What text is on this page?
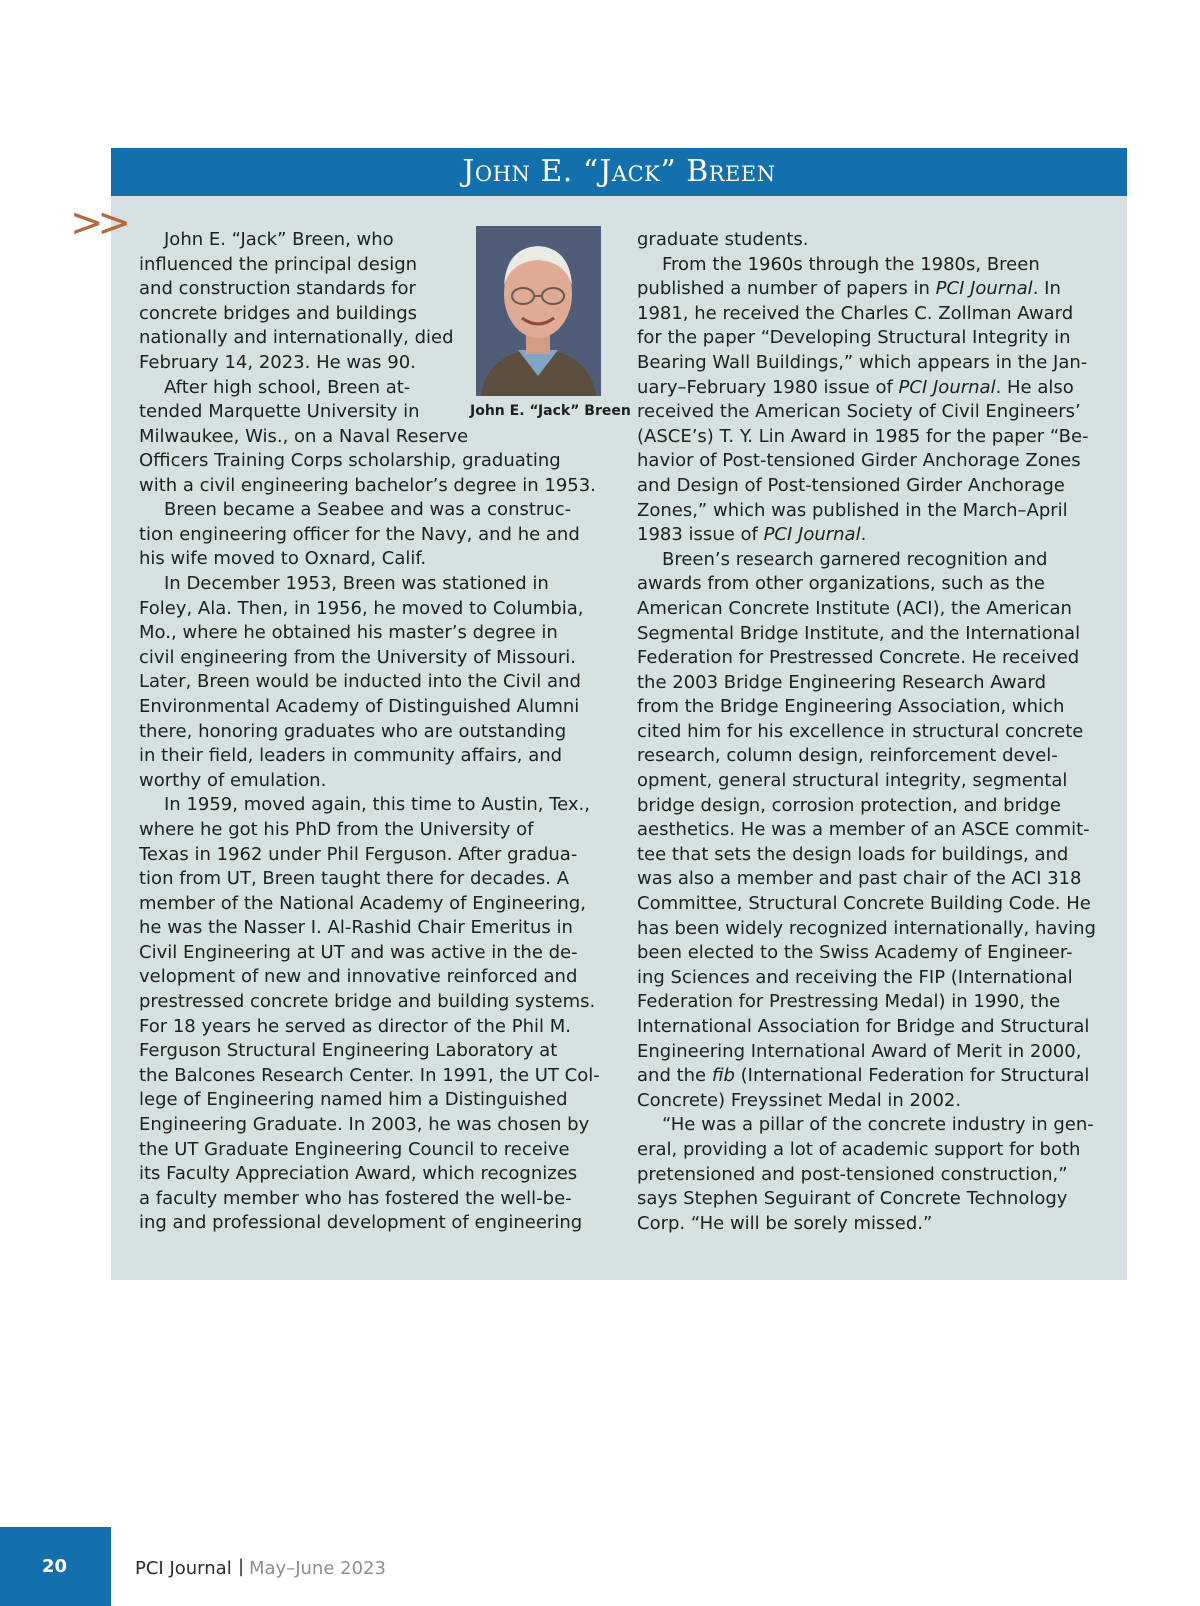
John E. “Jack” Breen
>>
John E. “Jack” Breen

John E. “Jack” Breen, who

influenced the principal design

and construction standards for

concrete bridges and buildings

nationally and internationally, died

February 14, 2023. He was 90.

After high school, Breen at-

tended Marquette University in

Milwaukee, Wis., on a Naval Reserve

Officers Training Corps scholarship, graduating

with a civil engineering bachelor’s degree in 1953.

Breen became a Seabee and was a construc-

tion engineering officer for the Navy, and he and

his wife moved to Oxnard, Calif.

In December 1953, Breen was stationed in

Foley, Ala. Then, in 1956, he moved to Columbia,

Mo., where he obtained his master’s degree in

civil engineering from the University of Missouri.

Later, Breen would be inducted into the Civil and

Environmental Academy of Distinguished Alumni

there, honoring graduates who are outstanding

in their field, leaders in community affairs, and

worthy of emulation.

In 1959, moved again, this time to Austin, Tex.,

where he got his PhD from the University of

Texas in 1962 under Phil Ferguson. After gradua-

tion from UT, Breen taught there for decades. A

member of the National Academy of Engineering,

he was the Nasser I. Al-Rashid Chair Emeritus in

Civil Engineering at UT and was active in the de-

velopment of new and innovative reinforced and

prestressed concrete bridge and building systems.

For 18 years he served as director of the Phil M.

Ferguson Structural Engineering Laboratory at

the Balcones Research Center. In 1991, the UT Col-

lege of Engineering named him a Distinguished

Engineering Graduate. In 2003, he was chosen by

the UT Graduate Engineering Council to receive

its Faculty Appreciation Award, which recognizes

a faculty member who has fostered the well-be-

ing and professional development of engineering

graduate students.

From the 1960s through the 1980s, Breen

published a number of papers in PCI Journal. In

1981, he received the Charles C. Zollman Award

for the paper “Developing Structural Integrity in

Bearing Wall Buildings,” which appears in the Jan-

uary–February 1980 issue of PCI Journal. He also

received the American Society of Civil Engineers’

(ASCE’s) T. Y. Lin Award in 1985 for the paper “Be-

havior of Post-tensioned Girder Anchorage Zones

and Design of Post-tensioned Girder Anchorage

Zones,” which was published in the March–April

1983 issue of PCI Journal.

Breen’s research garnered recognition and

awards from other organizations, such as the

American Concrete Institute (ACI), the American

Segmental Bridge Institute, and the International

Federation for Prestressed Concrete. He received

the 2003 Bridge Engineering Research Award

from the Bridge Engineering Association, which

cited him for his excellence in structural concrete

research, column design, reinforcement devel-

opment, general structural integrity, segmental

bridge design, corrosion protection, and bridge

aesthetics. He was a member of an ASCE commit-

tee that sets the design loads for buildings, and

was also a member and past chair of the ACI 318

Committee, Structural Concrete Building Code. He

has been widely recognized internationally, having

been elected to the Swiss Academy of Engineer-

ing Sciences and receiving the FIP (International

Federation for Prestressing Medal) in 1990, the

International Association for Bridge and Structural

Engineering International Award of Merit in 2000,

and the fib (International Federation for Structural

Concrete) Freyssinet Medal in 2002.

“He was a pillar of the concrete industry in gen-

eral, providing a lot of academic support for both

pretensioned and post-tensioned construction,”

says Stephen Seguirant of Concrete Technology

Corp. “He will be sorely missed.”

20	PCI Journal | May–June 2023
